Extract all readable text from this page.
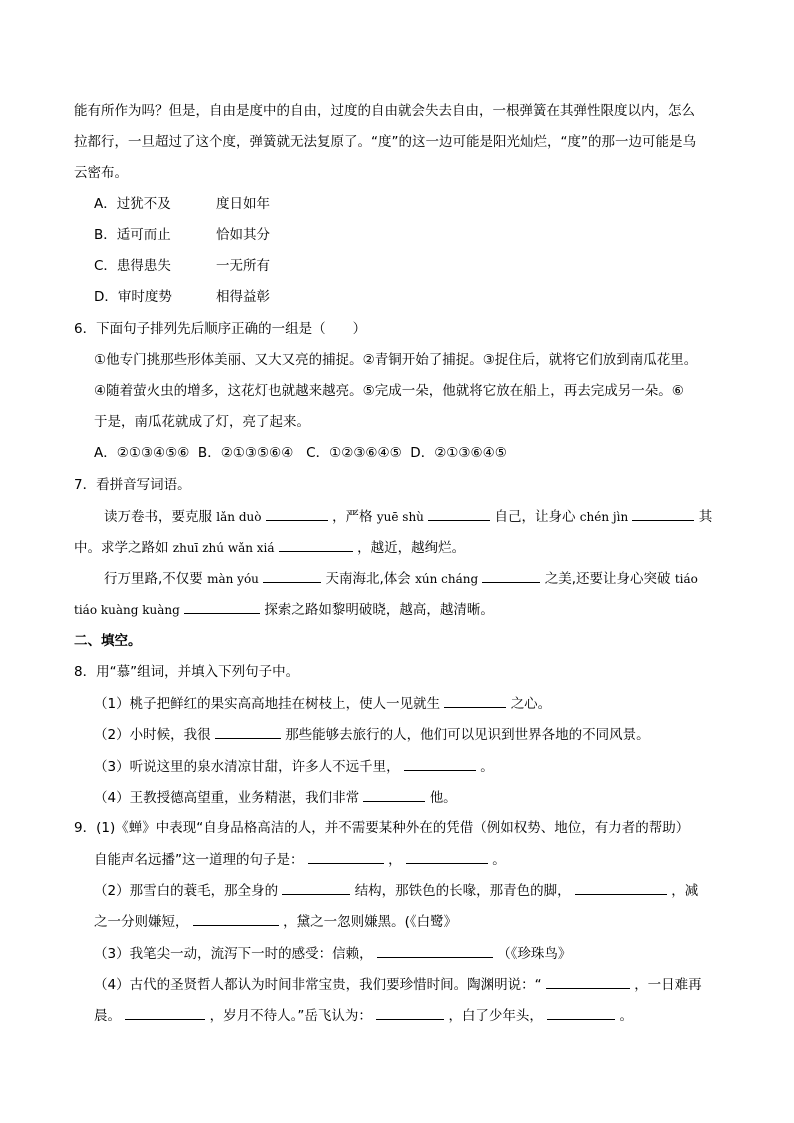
能有所作为吗？但是，自由是度中的自由，过度的自由就会失去自由，一根弹簧在其弹性限度以内，怎么
拉都行，一旦超过了这个度，弹簧就无法复原了。“度”的这一边可能是阳光灿烂，“度”的那一边可能是乌
云密布。
A．过犹不及	度日如年
B．适可而止	恰如其分
C．患得患失	一无所有
D．审时度势	相得益彰
6．下面句子排列先后顺序正确的一组是（　　）
①他专门挑那些形体美丽、又大又亮的捕捉。②青铜开始了捕捉。③捉住后，就将它们放到南瓜花里。
④随着萤火虫的增多，这花灯也就越来越亮。⑤完成一朵，他就将它放在船上，再去完成另一朵。⑥
于是，南瓜花就成了灯，亮了起来。
A．②①③④⑤⑥  B．②①③⑤⑥④   C．①②③⑥④⑤  D．②①③⑥④⑤
7．看拼音写词语。
读万卷书，要克服 lǎn duò	，严格 yuē shù	自己，让身心 chén jìn	其
中。求学之路如 zhuī zhú wǎn xiá	，越近，越绚烂。
行万里路,不仅要 màn yóu	天南海北,体会 xún cháng	之美,还要让身心突破 tiáo
tiáo kuàng kuàng	探索之路如黎明破晓，越高，越清晰。
二、填空。
8．用“慕”组词，并填入下列句子中。
（1）桃子把鲜红的果实高高地挂在树枝上，使人一见就生	之心。
（2）小时候，我很	那些能够去旅行的人，他们可以见识到世界各地的不同风景。
（3）听说这里的泉水清凉甘甜，许多人不远千里，	。
（4）王教授德高望重，业务精湛，我们非常	他。
9．(1)《蝉》中表现“自身品格高洁的人，并不需要某种外在的凭借（例如权势、地位，有力者的帮助）
自能声名远播”这一道理的句子是：	，	。
（2）那雪白的蓑毛，那全身的	结构，那铁色的长喙，那青色的脚，	，减
之一分则嫌短，	，黛之一忽则嫌黑。(《白鹭》
（3）我笔尖一动，流泻下一时的感受：信赖，	（《珍珠鸟》
（4）古代的圣贤哲人都认为时间非常宝贵，我们要珍惜时间。陶渊明说：“	，一日难再
晨。	，岁月不待人。”岳飞认为：	，白了少年头，	。
